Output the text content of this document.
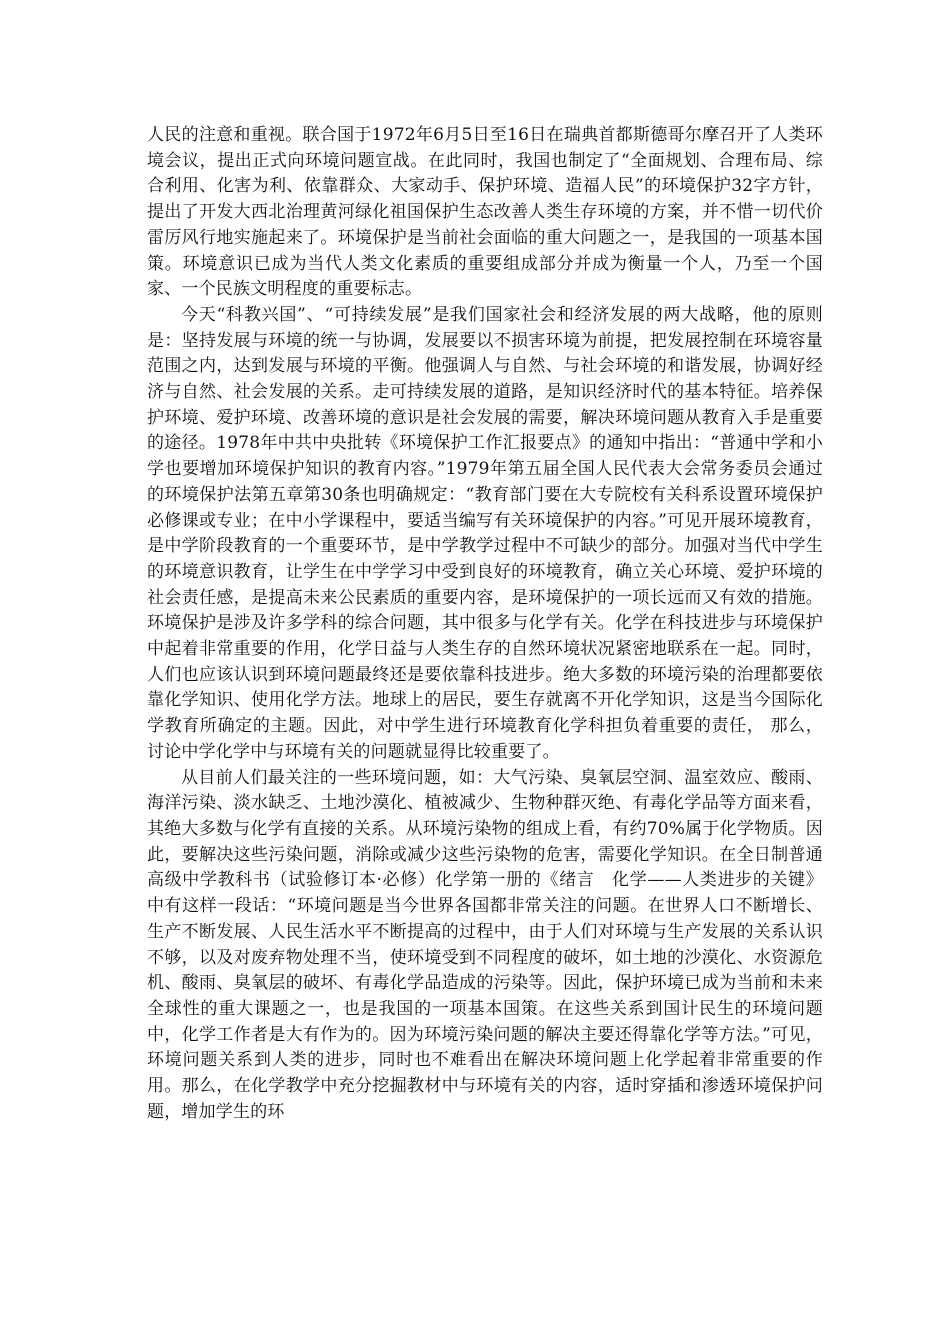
人民的注意和重视。联合国于1972年6月5日至16日在瑞典首都斯德哥尔摩召开了人类环境会议，提出正式向环境问题宣战。在此同时，我国也制定了“全面规划、合理布局、综合利用、化害为利、依靠群众、大家动手、保护环境、造福人民”的环境保护32字方针，提出了开发大西北治理黄河绿化祖国保护生态改善人类生存环境的方案，并不惜一切代价雷厉风行地实施起来了。环境保护是当前社会面临的重大问题之一，是我国的一项基本国策。环境意识已成为当代人类文化素质的重要组成部分并成为衡量一个人，乃至一个国家、一个民族文明程度的重要标志。

今天“科教兴国”、“可持续发展”是我们国家社会和经济发展的两大战略，他的原则是：坚持发展与环境的统一与协调，发展要以不损害环境为前提，把发展控制在环境容量范围之内，达到发展与环境的平衡。他强调人与自然、与社会环境的和谐发展，协调好经济与自然、社会发展的关系。走可持续发展的道路，是知识经济时代的基本特征。培养保护环境、爱护环境、改善环境的意识是社会发展的需要，解决环境问题从教育入手是重要的途径。1978年中共中央批转《环境保护工作汇报要点》的通知中指出：“普通中学和小学也要增加环境保护知识的教育内容。”1979年第五届全国人民代表大会常务委员会通过的环境保护法第五章第30条也明确规定：“教育部门要在大专院校有关科系设置环境保护必修课或专业；在中小学课程中，要适当编写有关环境保护的内容。”可见开展环境教育，是中学阶段教育的一个重要环节，是中学教学过程中不可缺少的部分。加强对当代中学生的环境意识教育，让学生在中学学习中受到良好的环境教育，确立关心环境、爱护环境的社会责任感，是提高未来公民素质的重要内容，是环境保护的一项长远而又有效的措施。环境保护是涉及许多学科的综合问题，其中很多与化学有关。化学在科技进步与环境保护中起着非常重要的作用，化学日益与人类生存的自然环境状况紧密地联系在一起。同时，人们也应该认识到环境问题最终还是要依靠科技进步。绝大多数的环境污染的治理都要依靠化学知识、使用化学方法。地球上的居民，要生存就离不开化学知识，这是当今国际化学教育所确定的主题。因此，对中学生进行环境教育化学科担负着重要的责任， 那么，讨论中学化学中与环境有关的问题就显得比较重要了。

从目前人们最关注的一些环境问题，如：大气污染、臭氧层空洞、温室效应、酸雨、海洋污染、淡水缺乏、土地沙漠化、植被减少、生物种群灭绝、有毒化学品等方面来看，其绝大多数与化学有直接的关系。从环境污染物的组成上看，有约70%属于化学物质。因此，要解决这些污染问题，消除或减少这些污染物的危害，需要化学知识。在全日制普通高级中学教科书（试验修订本·必修）化学第一册的《绪言　化学——人类进步的关键》中有这样一段话：“环境问题是当今世界各国都非常关注的问题。在世界人口不断增长、生产不断发展、人民生活水平不断提高的过程中，由于人们对环境与生产发展的关系认识不够，以及对废弃物处理不当，使环境受到不同程度的破坏，如土地的沙漠化、水资源危机、酸雨、臭氧层的破坏、有毒化学品造成的污染等。因此，保护环境已成为当前和未来全球性的重大课题之一，也是我国的一项基本国策。在这些关系到国计民生的环境问题中，化学工作者是大有作为的。因为环境污染问题的解决主要还得靠化学等方法。”可见，环境问题关系到人类的进步，同时也不难看出在解决环境问题上化学起着非常重要的作用。那么，在化学教学中充分挖掘教材中与环境有关的内容，适时穿插和渗透环境保护问题，增加学生的环
